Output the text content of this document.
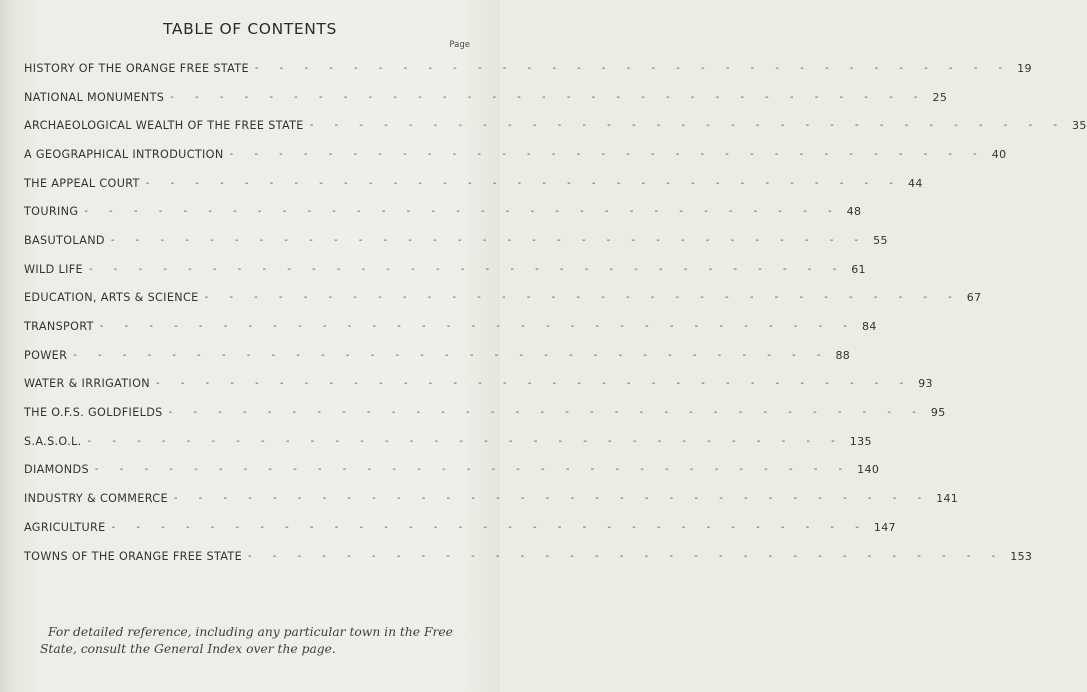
TABLE OF CONTENTS
Page
HISTORY OF THE ORANGE FREE STATE - - - - - - - - - - - - - - - - - - - - - - - - - - - - - - - 19
NATIONAL MONUMENTS - - - - - - - - - - - - - - - - - - - - - - - - - - - - - - - 25
ARCHAEOLOGICAL WEALTH OF THE FREE STATE - - - - - - - - - - - - - - - - - - - - - - - - - - - - - - - 35
A GEOGRAPHICAL INTRODUCTION - - - - - - - - - - - - - - - - - - - - - - - - - - - - - - - 40
THE APPEAL COURT - - - - - - - - - - - - - - - - - - - - - - - - - - - - - - - 44
TOURING - - - - - - - - - - - - - - - - - - - - - - - - - - - - - - - 48
BASUTOLAND - - - - - - - - - - - - - - - - - - - - - - - - - - - - - - - 55
WILD LIFE - - - - - - - - - - - - - - - - - - - - - - - - - - - - - - - 61
EDUCATION, ARTS & SCIENCE - - - - - - - - - - - - - - - - - - - - - - - - - - - - - - - 67
TRANSPORT - - - - - - - - - - - - - - - - - - - - - - - - - - - - - - - 84
POWER - - - - - - - - - - - - - - - - - - - - - - - - - - - - - - - 88
WATER & IRRIGATION - - - - - - - - - - - - - - - - - - - - - - - - - - - - - - - 93
THE O.F.S. GOLDFIELDS - - - - - - - - - - - - - - - - - - - - - - - - - - - - - - - 95
S.A.S.O.L. - - - - - - - - - - - - - - - - - - - - - - - - - - - - - - - 135
DIAMONDS - - - - - - - - - - - - - - - - - - - - - - - - - - - - - - - 140
INDUSTRY & COMMERCE - - - - - - - - - - - - - - - - - - - - - - - - - - - - - - - 141
AGRICULTURE - - - - - - - - - - - - - - - - - - - - - - - - - - - - - - - 147
TOWNS OF THE ORANGE FREE STATE - - - - - - - - - - - - - - - - - - - - - - - - - - - - - - - 153
For detailed reference, including any particular town in the Free State, consult the General Index over the page.
